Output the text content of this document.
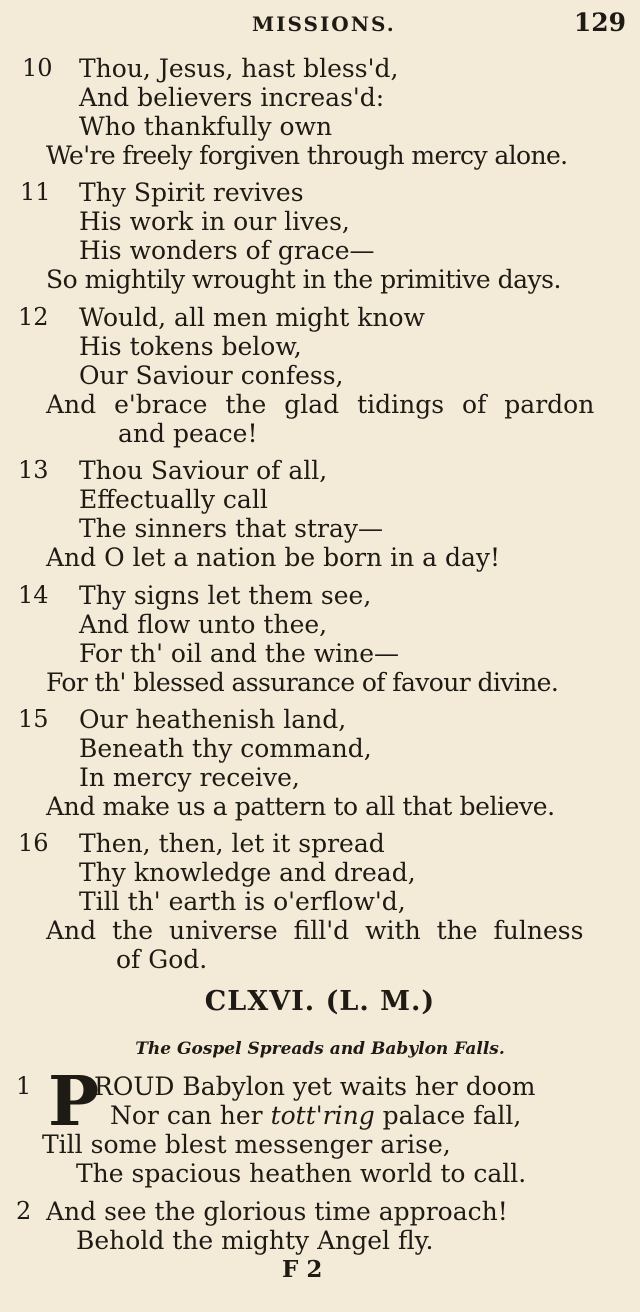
MISSIONS.	129
10 Thou, Jesus, hast bless'd,
And believers increas'd:
Who thankfully own
We're freely forgiven through mercy alone.
11 Thy Spirit revives
His work in our lives,
His wonders of grace—
So mightily wrought in the primitive days.
12 Would, all men might know
His tokens below,
Our Saviour confess,
And e'brace the glad tidings of pardon
and peace!
13 Thou Saviour of all,
Effectually call
The sinners that stray—
And O let a nation be born in a day!
14 Thy signs let them see,
And flow unto thee,
For th' oil and the wine—
For th' blessed assurance of favour divine.
15 Our heathenish land,
Beneath thy command,
In mercy receive,
And make us a pattern to all that believe.
16 Then, then, let it spread
Thy knowledge and dread,
Till th' earth is o'erflow'd,
And the universe fill'd with the fulness
of God.
CLXVI. (L. M.)
The Gospel Spreads and Babylon Falls.
1 P
ROUD Babylon yet waits her doom
Nor can her tott'ring palace fall,
Till some blest messenger arise,
The spacious heathen world to call.
2 And see the glorious time approach!
Behold the mighty Angel fly.
F 2
